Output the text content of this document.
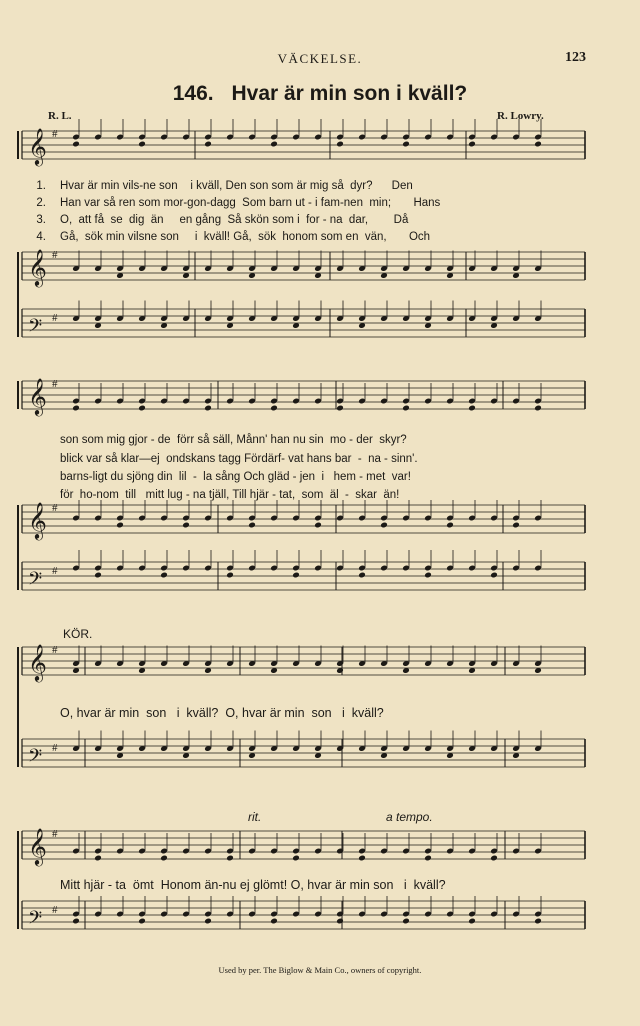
VÄCKELSE.	123
146. Hvar är min son i kväll?
R. L.	R. Lowry.
𝄞 #
𝄞 #
𝄢 #
𝄞 #
𝄞 #
𝄢 #
𝄞 #
𝄢 #
𝄞 #
𝄢 #
1. Hvar är min vils-ne son    i kväll, Den son som är mig så  dyr?      Den
2. Han var så ren som mor-gon-dagg  Som barn ut - i fam-nen  min;       Hans
3. O,  att få  se  dig  än     en gång  Så skön som i  for - na  dar,        Då
4. Gå,  sök min vilsne son     i  kväll! Gå,  sök  honom som en  vän,       Och
son som mig gjor - de  förr så säll, Månn' han nu sin  mo - der  skyr?
blick var så klar—ej  ondskans tagg Fördärf- vat hans bar  -  na - sinn'.
barns-ligt du sjöng din  lil  -  la sång Och gläd - jen  i   hem - met  var!
för  ho-nom  till   mitt lug - na tjäll, Till hjär - tat,  som  äl  -  skar  än!
KÖR.
O, hvar är min  son   i  kväll?  O, hvar är min  son   i  kväll?
rit.	a tempo.
Mitt hjär - ta  ömt  Honom än-nu ej glömt! O, hvar är min son   i  kväll?
Used by per. The Biglow & Main Co., owners of copyright.
